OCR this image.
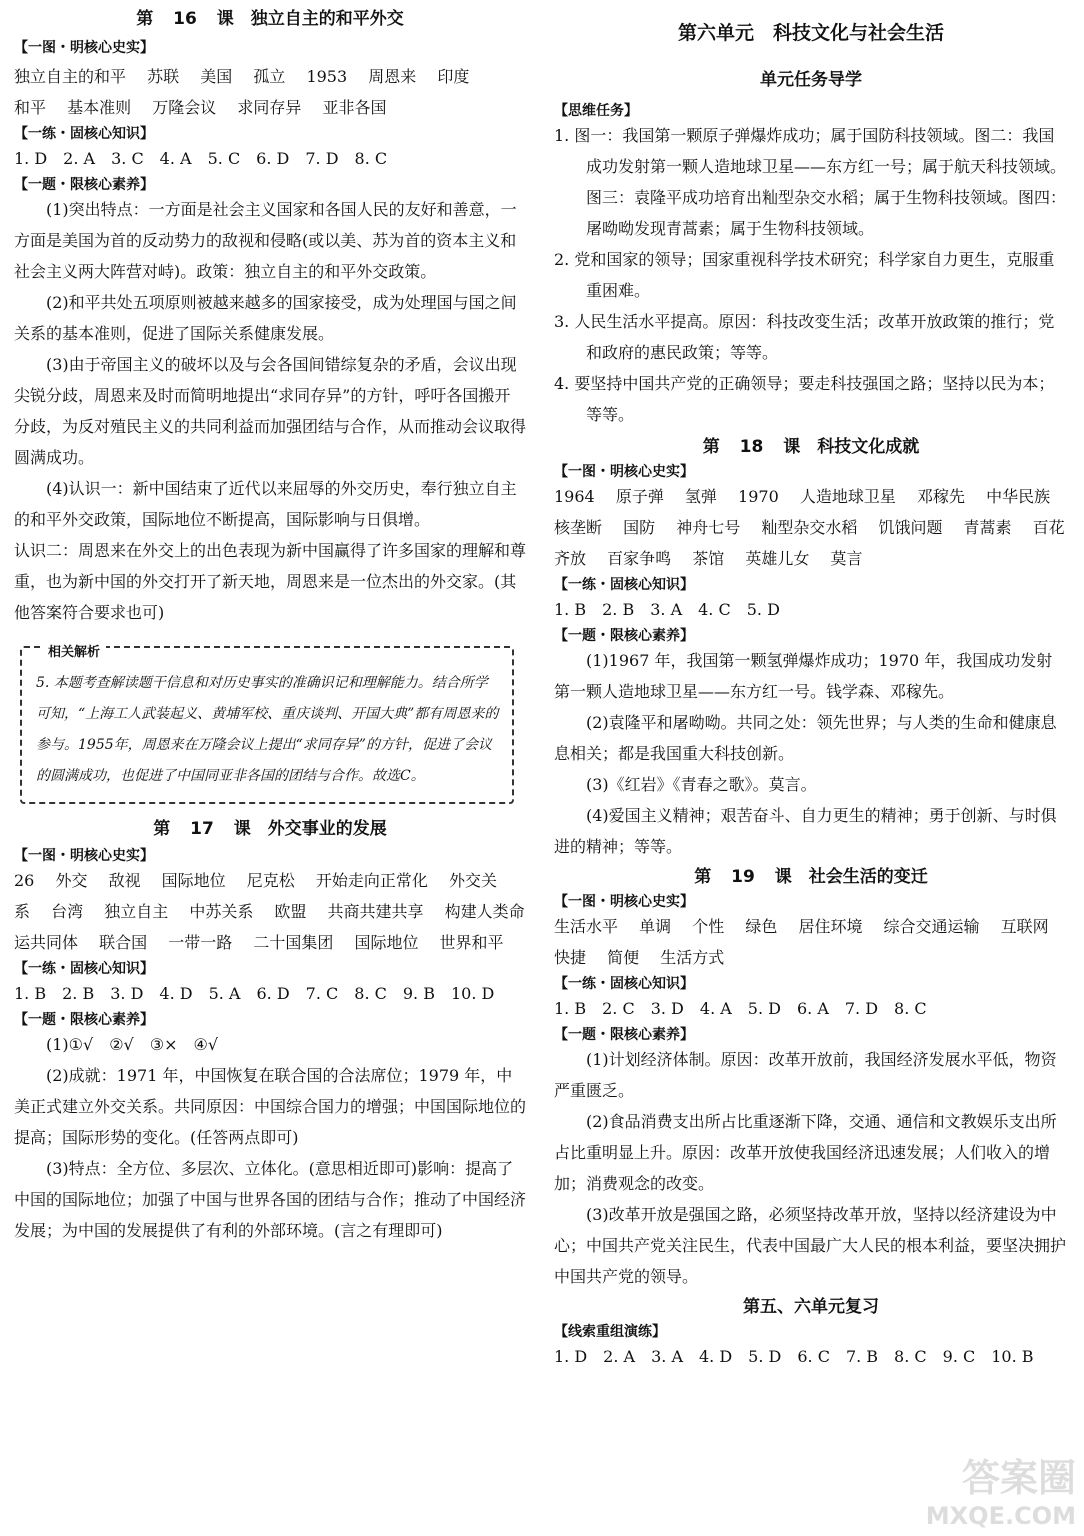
第 16 课　独立自主的和平外交
【一图・明核心史实】
独立自主的和平 苏联 美国 孤立 1953 周恩来 印度
和平 基本准则 万隆会议 求同存异 亚非各国
【一练・固核心知识】
1. D　2. A　3. C　4. A　5. C　6. D　7. D　8. C
【一题・限核心素养】
(1)突出特点：一方面是社会主义国家和各国人民的友好和善意，一方面是美国为首的反动势力的敌视和侵略(或以美、苏为首的资本主义和社会主义两大阵营对峙)。政策：独立自主的和平外交政策。
(2)和平共处五项原则被越来越多的国家接受，成为处理国与国之间关系的基本准则，促进了国际关系健康发展。
(3)由于帝国主义的破坏以及与会各国间错综复杂的矛盾，会议出现尖锐分歧，周恩来及时而简明地提出“求同存异”的方针，呼吁各国搬开分歧，为反对殖民主义的共同利益而加强团结与合作，从而推动会议取得圆满成功。
(4)认识一：新中国结束了近代以来屈辱的外交历史，奉行独立自主的和平外交政策，国际地位不断提高，国际影响与日俱增。
认识二：周恩来在外交上的出色表现为新中国赢得了许多国家的理解和尊重，也为新中国的外交打开了新天地，周恩来是一位杰出的外交家。(其他答案符合要求也可)
相关解析
5. 本题考查解读题干信息和对历史事实的准确识记和理解能力。结合所学可知，“上海工人武装起义、黄埔军校、重庆谈判、开国大典”都有周恩来的参与。1955年，周恩来在万隆会议上提出“求同存异”的方针，促进了会议的圆满成功，也促进了中国同亚非各国的团结与合作。故选C。
第 17 课　外交事业的发展
【一图・明核心史实】
26 外交 敌视 国际地位 尼克松 开始走向正常化 外交关系 台湾 独立自主 中苏关系 欧盟 共商共建共享 构建人类命运共同体 联合国 一带一路 二十国集团 国际地位 世界和平
【一练・固核心知识】
1. B　2. B　3. D　4. D　5. A　6. D　7. C　8. C　9. B　10. D
【一题・限核心素养】
(1)①√　②√　③×　④√
(2)成就：1971 年，中国恢复在联合国的合法席位；1979 年，中美正式建立外交关系。共同原因：中国综合国力的增强；中国国际地位的提高；国际形势的变化。(任答两点即可)
(3)特点：全方位、多层次、立体化。(意思相近即可)影响：提高了中国的国际地位；加强了中国与世界各国的团结与合作；推动了中国经济发展；为中国的发展提供了有利的外部环境。(言之有理即可)
第六单元　科技文化与社会生活
单元任务导学
【思维任务】
1. 图一：我国第一颗原子弹爆炸成功；属于国防科技领域。图二：我国成功发射第一颗人造地球卫星——东方红一号；属于航天科技领域。图三：袁隆平成功培育出籼型杂交水稻；属于生物科技领域。图四：屠呦呦发现青蒿素；属于生物科技领域。
2. 党和国家的领导；国家重视科学技术研究；科学家自力更生，克服重重困难。
3. 人民生活水平提高。原因：科技改变生活；改革开放政策的推行；党和政府的惠民政策；等等。
4. 要坚持中国共产党的正确领导；要走科技强国之路；坚持以民为本；等等。
第 18 课　科技文化成就
【一图・明核心史实】
1964 原子弹 氢弹 1970 人造地球卫星 邓稼先 中华民族 核垄断 国防 神舟七号 籼型杂交水稻 饥饿问题 青蒿素 百花齐放 百家争鸣 茶馆 英雄儿女 莫言
【一练・固核心知识】
1. B　2. B　3. A　4. C　5. D
【一题・限核心素养】
(1)1967 年，我国第一颗氢弹爆炸成功；1970 年，我国成功发射第一颗人造地球卫星——东方红一号。钱学森、邓稼先。
(2)袁隆平和屠呦呦。共同之处：领先世界；与人类的生命和健康息息相关；都是我国重大科技创新。
(3)《红岩》《青春之歌》。莫言。
(4)爱国主义精神；艰苦奋斗、自力更生的精神；勇于创新、与时俱进的精神；等等。
第 19 课　社会生活的变迁
【一图・明核心史实】
生活水平 单调 个性 绿色 居住环境 综合交通运输 互联网 快捷 简便 生活方式
【一练・固核心知识】
1. B　2. C　3. D　4. A　5. D　6. A　7. D　8. C
【一题・限核心素养】
(1)计划经济体制。原因：改革开放前，我国经济发展水平低，物资严重匮乏。
(2)食品消费支出所占比重逐渐下降，交通、通信和文教娱乐支出所占比重明显上升。原因：改革开放使我国经济迅速发展；人们收入的增加；消费观念的改变。
(3)改革开放是强国之路，必须坚持改革开放，坚持以经济建设为中心；中国共产党关注民生，代表中国最广大人民的根本利益，要坚决拥护中国共产党的领导。
第五、六单元复习
【线索重组演练】
1. D　2. A　3. A　4. D　5. D　6. C　7. B　8. C　9. C　10. B
答案圈
MXQE.COM
